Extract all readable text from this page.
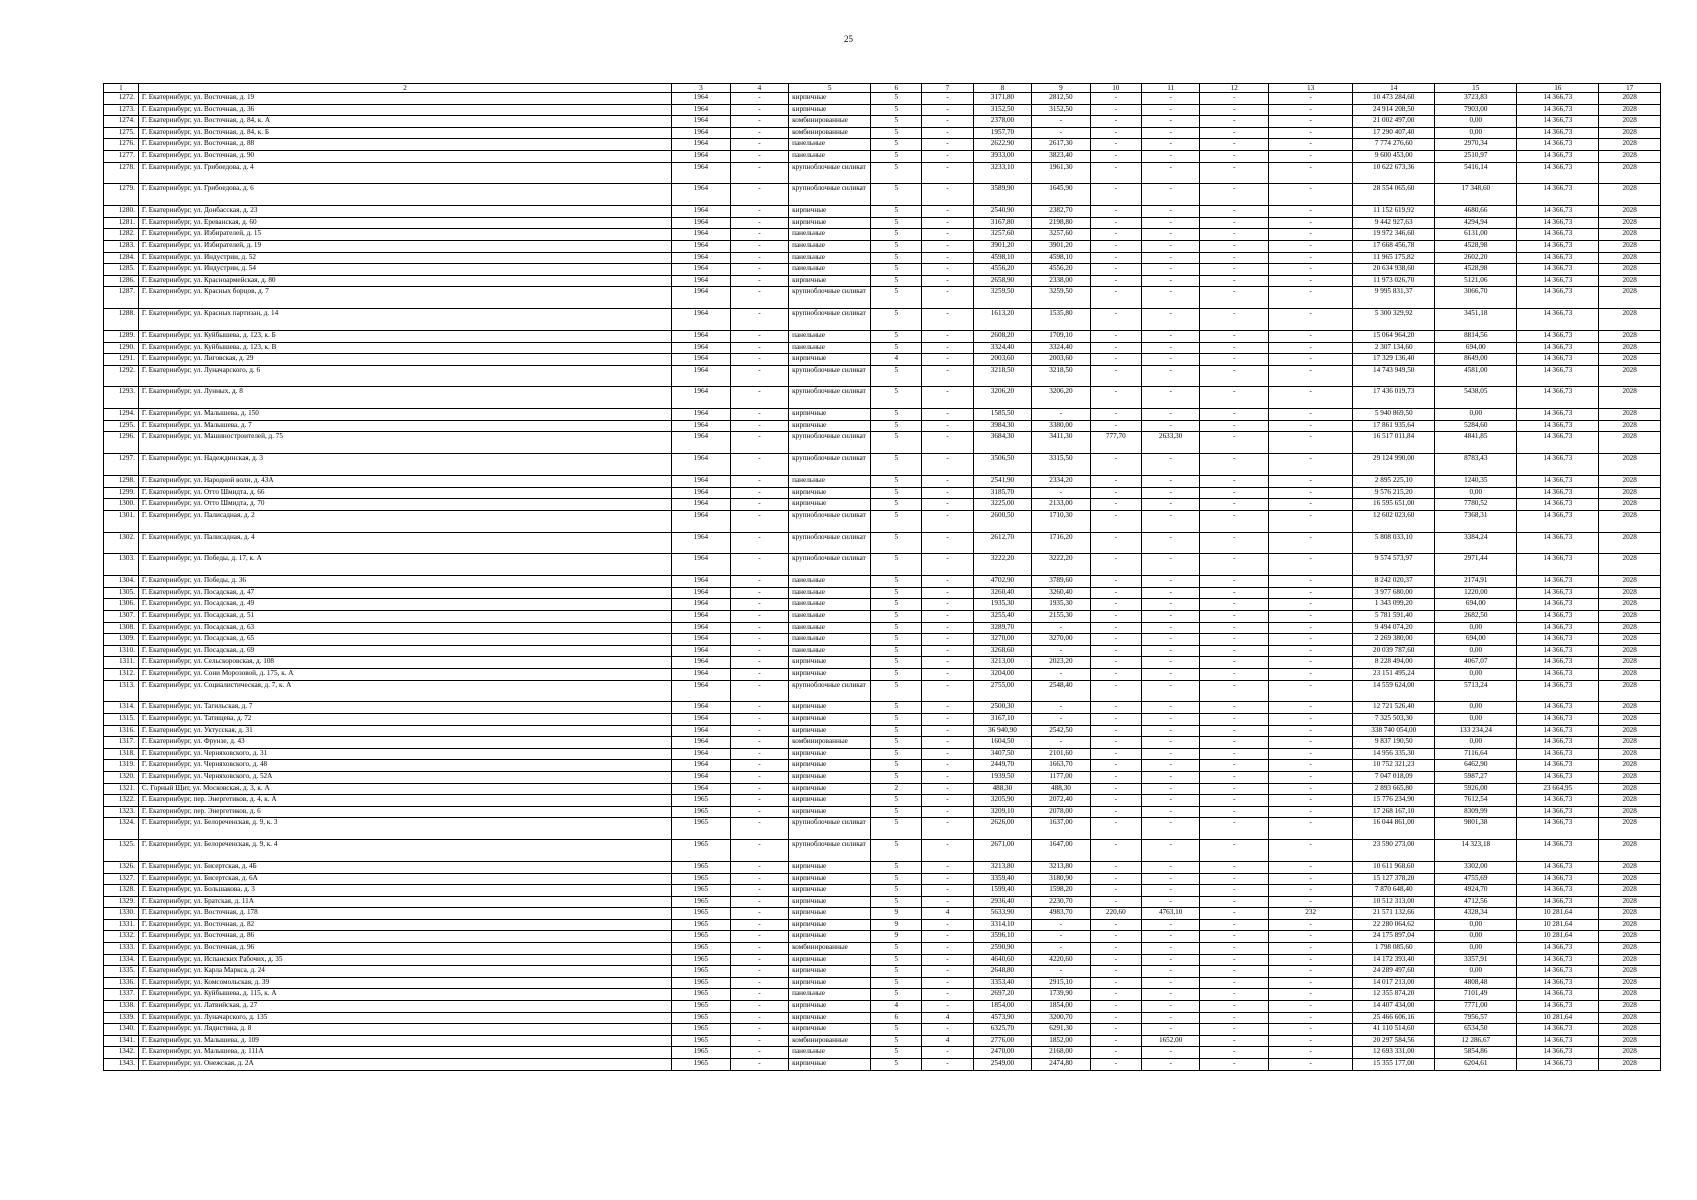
25
1	2	3	4	5	6	7	8	9	10	11	12	13	14	15	16	17
1272.	Г. Екатеринбург, ул. Восточная, д. 19	1964	-	кирпичные	5	-	3171,80	2812,50	-	-	-	-	10 473 284,60	3723,83	14 366,73	2028
1273.	Г. Екатеринбург, ул. Восточная, д. 36	1964	-	кирпичные	5	-	3152,50	3152,50	-	-	-	-	24 914 208,50	7903,00	14 366,73	2028
1274.	Г. Екатеринбург, ул. Восточная, д. 84, к. А	1964	-	комбинированные	5	-	2378,00	-	-	-	-	-	21 002 497,00	0,00	14 366,73	2028
1275.	Г. Екатеринбург, ул. Восточная, д. 84, к. Б	1964	-	комбинированные	5	-	1957,70	-	-	-	-	-	17 290 407,40	0,00	14 366,73	2028
1276.	Г. Екатеринбург, ул. Восточная, д. 88	1964	-	панельные	5	-	2622,90	2617,30	-	-	-	-	7 774 276,60	2970,34	14 366,73	2028
1277.	Г. Екатеринбург, ул. Восточная, д. 90	1964	-	панельные	5	-	3933,00	3823,40	-	-	-	-	9 600 453,00	2510,97	14 366,73	2028
1278.	Г. Екатеринбург, ул. Грибоедова, д. 4	1964	-	крупноблочные силикат	5	-	3233,10	1961,30	-	-	-	-	10 622 673,36	5416,14	14 366,73	2028
1279.	Г. Екатеринбург, ул. Грибоедова, д. 6	1964	-	крупноблочные силикат	5	-	3589,90	1645,90	-	-	-	-	28 554 065,60	17 348,60	14 366,73	2028
1280.	Г. Екатеринбург, ул. Донбасская, д. 23	1964	-	кирпичные	5	-	2540,90	2382,70	-	-	-	-	11 152 619,92	4680,66	14 366,73	2028
1281.	Г. Екатеринбург, ул. Ереванская, д. 60	1964	-	кирпичные	5	-	3167,80	2198,80	-	-	-	-	9 442 927,63	4294,94	14 366,73	2028
1282.	Г. Екатеринбург, ул. Избирателей, д. 15	1964	-	панельные	5	-	3257,60	3257,60	-	-	-	-	19 972 346,60	6131,00	14 366,73	2028
1283.	Г. Екатеринбург, ул. Избирателей, д. 19	1964	-	панельные	5	-	3901,20	3901,20	-	-	-	-	17 668 456,78	4528,98	14 366,73	2028
1284.	Г. Екатеринбург, ул. Индустрии, д. 52	1964	-	панельные	5	-	4598,10	4598,10	-	-	-	-	11 965 175,82	2602,20	14 366,73	2028
1285.	Г. Екатеринбург, ул. Индустрии, д. 54	1964	-	панельные	5	-	4556,20	4556,20	-	-	-	-	20 634 938,60	4528,98	14 366,73	2028
1286.	Г. Екатеринбург, ул. Красноармейская, д. 80	1964	-	кирпичные	5	-	2658,90	2338,00	-	-	-	-	11 973 026,70	5121,06	14 366,73	2028
1287.	Г. Екатеринбург, ул. Красных борцов, д. 7	1964	-	крупноблочные силикат	5	-	3259,50	3259,50	-	-	-	-	9 995 831,37	3066,70	14 366,73	2028
1288.	Г. Екатеринбург, ул. Красных партизан, д. 14	1964	-	крупноблочные силикат	5	-	1613,20	1535,80	-	-	-	-	5 300 329,92	3451,18	14 366,73	2028
1289.	Г. Екатеринбург, ул. Куйбышева, д. 123, к. Б	1964	-	панельные	5	-	2608,20	1709,10	-	-	-	-	15 064 964,20	8814,56	14 366,73	2028
1290.	Г. Екатеринбург, ул. Куйбышева, д. 123, к. В	1964	-	панельные	5	-	3324,40	3324,40	-	-	-	-	2 307 134,60	694,00	14 366,73	2028
1291.	Г. Екатеринбург, ул. Лиговская, д. 29	1964	-	кирпичные	4	-	2003,60	2003,60	-	-	-	-	17 329 136,40	8649,00	14 366,73	2028
1292.	Г. Екатеринбург, ул. Луначарского, д. 6	1964	-	крупноблочные силикат	5	-	3218,50	3218,50	-	-	-	-	14 743 949,50	4581,00	14 366,73	2028
1293.	Г. Екатеринбург, ул. Лунных, д. 8	1964	-	крупноблочные силикат	5	-	3206,20	3206,20	-	-	-	-	17 436 019,73	5438,05	14 366,73	2028
1294.	Г. Екатеринбург, ул. Малышева, д. 150	1964	-	кирпичные	5	-	1585,50	-	-	-	-	-	5 940 869,50	0,00	14 366,73	2028
1295.	Г. Екатеринбург, ул. Малышева, д. 7	1964	-	кирпичные	5	-	3984,30	3380,00	-	-	-	-	17 861 935,64	5284,60	14 366,73	2028
1296.	Г. Екатеринбург, ул. Машиностроителей, д. 75	1964	-	крупноблочные силикат	5	-	3684,30	3411,30	777,70	2633,30	-	-	16 517 011,84	4841,85	14 366,73	2028
1297.	Г. Екатеринбург, ул. Надеждинская, д. 3	1964	-	крупноблочные силикат	5	-	3506,50	3315,50	-	-	-	-	29 124 990,00	8783,43	14 366,73	2028
1298.	Г. Екатеринбург, ул. Народной воли, д. 43А	1964	-	панельные	5	-	2541,90	2334,20	-	-	-	-	2 895 225,10	1240,35	14 366,73	2028
1299.	Г. Екатеринбург, ул. Отто Шмидта, д. 66	1964	-	кирпичные	5	-	3185,70	-	-	-	-	-	9 576 215,20	0,00	14 366,73	2028
1300.	Г. Екатеринбург, ул. Отто Шмидта, д. 70	1964	-	кирпичные	5	-	3225,00	2133,00	-	-	-	-	16 595 651,00	7780,52	14 366,73	2028
1301.	Г. Екатеринбург, ул. Палисадная, д. 2	1964	-	крупноблочные силикат	5	-	2600,50	1710,30	-	-	-	-	12 602 023,60	7368,31	14 366,73	2028
1302.	Г. Екатеринбург, ул. Палисадная, д. 4	1964	-	крупноблочные силикат	5	-	2612,70	1716,20	-	-	-	-	5 808 033,10	3384,24	14 366,73	2028
1303.	Г. Екатеринбург, ул. Победы, д. 17, к. А	1964	-	крупноблочные силикат	5	-	3222,20	3222,20	-	-	-	-	9 574 573,97	2971,44	14 366,73	2028
1304.	Г. Екатеринбург, ул. Победы, д. 36	1964	-	панельные	5	-	4702,90	3789,60	-	-	-	-	8 242 020,37	2174,91	14 366,73	2028
1305.	Г. Екатеринбург, ул. Посадская, д. 47	1964	-	панельные	5	-	3260,40	3260,40	-	-	-	-	3 977 680,00	1220,00	14 366,73	2028
1306.	Г. Екатеринбург, ул. Посадская, д. 49	1964	-	панельные	5	-	1935,30	1935,30	-	-	-	-	1 343 099,20	694,00	14 366,73	2028
1307.	Г. Екатеринбург, ул. Посадская, д. 51	1964	-	панельные	5	-	3255,40	2155,30	-	-	-	-	5 781 591,40	2682,50	14 366,73	2028
1308.	Г. Екатеринбург, ул. Посадская, д. 63	1964	-	панельные	5	-	3289,70	-	-	-	-	-	9 494 074,20	0,00	14 366,73	2028
1309.	Г. Екатеринбург, ул. Посадская, д. 65	1964	-	панельные	5	-	3270,00	3270,00	-	-	-	-	2 269 380,00	694,00	14 366,73	2028
1310.	Г. Екатеринбург, ул. Посадская, д. 69	1964	-	панельные	5	-	3268,60	-	-	-	-	-	20 039 787,60	0,00	14 366,73	2028
1311.	Г. Екатеринбург, ул. Сельскоровская, д. 108	1964	-	кирпичные	5	-	3213,00	2023,20	-	-	-	-	8 228 494,00	4067,07	14 366,73	2028
1312.	Г. Екатеринбург, ул. Сони Морозовой, д. 175, к. А	1964	-	кирпичные	5	-	3204,00	-	-	-	-	-	23 151 495,24	0,00	14 366,73	2028
1313.	Г. Екатеринбург, ул. Социалистическая, д. 7, к. А	1964	-	крупноблочные силикат	5	-	2755,00	2548,40	-	-	-	-	14 559 624,00	5713,24	14 366,73	2028
1314.	Г. Екатеринбург, ул. Тагильская, д. 7	1964	-	кирпичные	5	-	2500,30	-	-	-	-	-	12 721 526,40	0,00	14 366,73	2028
1315.	Г. Екатеринбург, ул. Татищева, д. 72	1964	-	кирпичные	5	-	3167,10	-	-	-	-	-	7 325 503,30	0,00	14 366,73	2028
1316.	Г. Екатеринбург, ул. Уктусская, д. 31	1964	-	кирпичные	5	-	36 940,90	2542,50	-	-	-	-	338 740 054,00	133 234,24	14 366,73	2028
1317.	Г. Екатеринбург, ул. Фрунзе, д. 43	1964	-	комбинированные	5	-	1604,50	-	-	-	-	-	9 837 190,50	0,00	14 366,73	2028
1318.	Г. Екатеринбург, ул. Черняховского, д. 31	1964	-	кирпичные	5	-	3407,50	2101,60	-	-	-	-	14 956 335,30	7116,64	14 366,73	2028
1319.	Г. Екатеринбург, ул. Черняховского, д. 48	1964	-	кирпичные	5	-	2449,70	1663,70	-	-	-	-	10 752 321,23	6462,90	14 366,73	2028
1320.	Г. Екатеринбург, ул. Черняховского, д. 52А	1964	-	кирпичные	5	-	1939,50	1177,00	-	-	-	-	7 047 018,09	5987,27	14 366,73	2028
1321.	С. Горный Щит, ул. Московская, д. 3, к. А	1964	-	кирпичные	2	-	488,30	488,30	-	-	-	-	2 893 665,80	5926,00	23 664,95	2028
1322.	Г. Екатеринбург, пер. Энергетиков, д. 4, к. А	1965	-	кирпичные	5	-	3205,90	2072,40	-	-	-	-	15 776 234,90	7612,54	14 366,73	2028
1323.	Г. Екатеринбург, пер. Энергетиков, д. 6	1965	-	кирпичные	5	-	3209,10	2078,00	-	-	-	-	17 268 167,10	8309,99	14 366,73	2028
1324.	Г. Екатеринбург, ул. Белореченская, д. 9, к. 3	1965	-	крупноблочные силикат	5	-	2626,00	1637,00	-	-	-	-	16 044 861,00	9801,38	14 366,73	2028
1325.	Г. Екатеринбург, ул. Белореченская, д. 9, к. 4	1965	-	крупноблочные силикат	5	-	2671,00	1647,00	-	-	-	-	23 590 273,00	14 323,18	14 366,73	2028
1326.	Г. Екатеринбург, ул. Бисертская, д. 4Б	1965	-	кирпичные	5	-	3213,80	3213,80	-	-	-	-	10 611 968,60	3302,00	14 366,73	2028
1327.	Г. Екатеринбург, ул. Бисертская, д. 6А	1965	-	кирпичные	5	-	3359,40	3180,90	-	-	-	-	15 127 378,20	4755,69	14 366,73	2028
1328.	Г. Екатеринбург, ул. Большакова, д. 3	1965	-	кирпичные	5	-	1599,40	1598,20	-	-	-	-	7 870 648,40	4924,70	14 366,73	2028
1329.	Г. Екатеринбург, ул. Братская, д. 11А	1965	-	кирпичные	5	-	2936,40	2230,70	-	-	-	-	10 512 313,00	4712,56	14 366,73	2028
1330.	Г. Екатеринбург, ул. Восточная, д. 178	1965	-	кирпичные	9	4	5633,90	4983,70	220,60	4763,10	-	232	21 571 132,66	4328,34	10 281,64	2028
1331.	Г. Екатеринбург, ул. Восточная, д. 82	1965	-	кирпичные	9	-	3314,10	-	-	-	-	-	22 280 064,62	0,00	10 281,64	2028
1332.	Г. Екатеринбург, ул. Восточная, д. 86	1965	-	кирпичные	9	-	3596,10	-	-	-	-	-	24 175 897,04	0,00	10 281,64	2028
1333.	Г. Екатеринбург, ул. Восточная, д. 96	1965	-	комбинированные	5	-	2590,90	-	-	-	-	-	1 798 085,60	0,00	14 366,73	2028
1334.	Г. Екатеринбург, ул. Испанских Рабочих, д. 35	1965	-	кирпичные	5	-	4640,60	4220,60	-	-	-	-	14 172 393,40	3357,91	14 366,73	2028
1335.	Г. Екатеринбург, ул. Карла Маркса, д. 24	1965	-	кирпичные	5	-	2648,80	-	-	-	-	-	24 289 497,60	0,00	14 366,73	2028
1336.	Г. Екатеринбург, ул. Комсомольская, д. 39	1965	-	кирпичные	5	-	3353,40	2915,10	-	-	-	-	14 017 213,00	4808,48	14 366,73	2028
1337.	Г. Екатеринбург, ул. Куйбышева, д. 115, к. А	1965	-	панельные	5	-	2697,20	1739,90	-	-	-	-	12 355 874,20	7101,49	14 366,73	2028
1338.	Г. Екатеринбург, ул. Латвийская, д. 27	1965	-	кирпичные	4	-	1854,00	1854,00	-	-	-	-	14 407 434,00	7771,00	14 366,73	2028
1339.	Г. Екатеринбург, ул. Луначарского, д. 135	1965	-	кирпичные	6	4	4573,90	3200,70	-	-	-	-	25 466 606,16	7956,57	10 281,64	2028
1340.	Г. Екатеринбург, ул. Лядистина, д. 8	1965	-	кирпичные	5	-	6325,70	6291,30	-	-	-	-	41 110 514,60	6534,50	14 366,73	2028
1341.	Г. Екатеринбург, ул. Малышева, д. 109	1965	-	комбинированные	5	4	2776,00	1852,00	-	1652,00	-	-	20 297 584,56	12 286,67	14 366,73	2028
1342.	Г. Екатеринбург, ул. Малышева, д. 111А	1965	-	панельные	5	-	2470,00	2168,00	-	-	-	-	12 693 331,00	5854,86	14 366,73	2028
1343.	Г. Екатеринбург, ул. Онежская, д. 2А	1965	-	кирпичные	5	-	2549,00	2474,80	-	-	-	-	15 355 177,00	6204,61	14 366,73	2028
